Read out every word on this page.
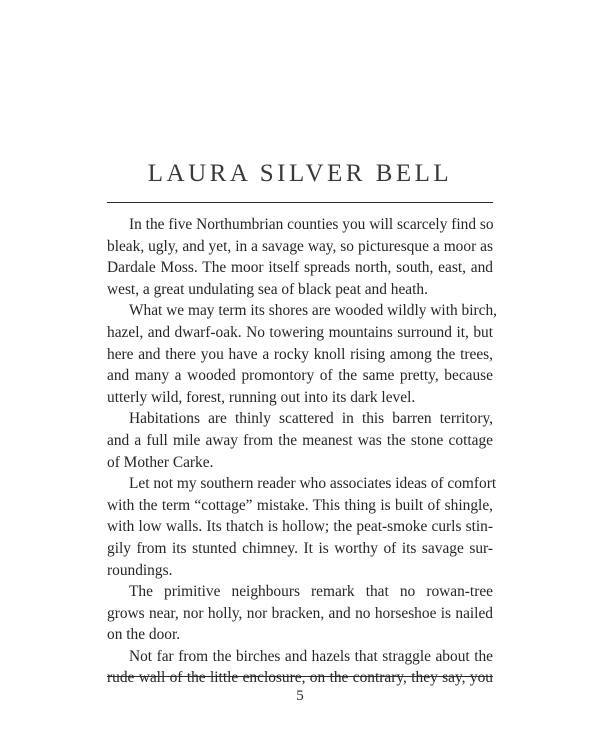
LAURA SILVER BELL
In the five Northumbrian counties you will scarcely find so
bleak, ugly, and yet, in a savage way, so picturesque a moor as
Dardale Moss. The moor itself spreads north, south, east, and
west, a great undulating sea of black peat and heath.
What we may term its shores are wooded wildly with birch,
hazel, and dwarf-oak. No towering mountains surround it, but
here and there you have a rocky knoll rising among the trees,
and many a wooded promontory of the same pretty, because
utterly wild, forest, running out into its dark level.
Habitations are thinly scattered in this barren territory,
and a full mile away from the meanest was the stone cottage
of Mother Carke.
Let not my southern reader who associates ideas of comfort
with the term “cottage” mistake. This thing is built of shingle,
with low walls. Its thatch is hollow; the peat-smoke curls stin-
gily from its stunted chimney. It is worthy of its savage sur-
roundings.
The primitive neighbours remark that no rowan-tree
grows near, nor holly, nor bracken, and no horseshoe is nailed
on the door.
Not far from the birches and hazels that straggle about the
rude wall of the little enclosure, on the contrary, they say, you
5
